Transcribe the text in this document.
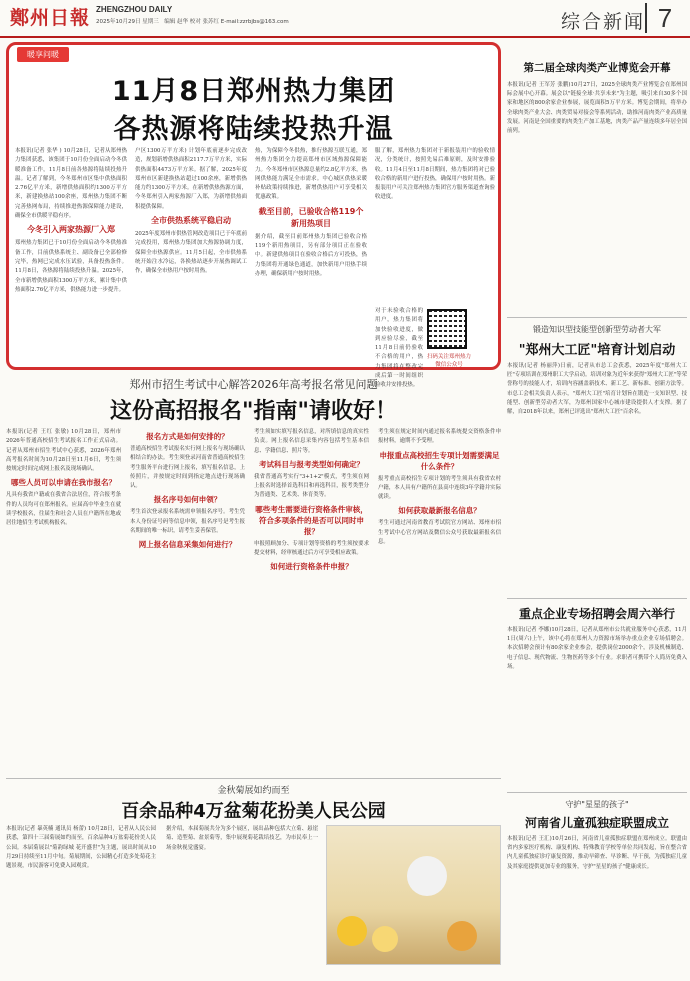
鄭州日報 ZHENGZHOU DAILY
2025年10月29日 星期三　编辑 赵华 校对 张苏红 E-mail:zzrbjbs@163.com	综合新闻 7
暖享问暖
11月8日郑州热力集团
各热源将陆续投热升温

本报讯(记者 张华 ) 10月28日，记者从郑州热力集团获悉，该集团于10月份全面启动今冬供暖准备工作，11月8日前各热源将陆续投热升温。记者了解到，今冬郑州市区集中供热面积2.76亿平方米，新增供热面积约1300万平方米，新建换热站100余座，郑州热力集团不断完善热网布局，持续推进热源保障能力建设，确保全市供暖平稳有序。

今冬引入两家热源厂入郑

郑州热力集团已于10月份全面启动今冬供热准备工作，目前供热系统主、副设备已全部检修完毕，热网已完成水压试验，具备投热条件。11月8日，各热源将陆续投热升温。2025年，全市新增供热面积1300万平方米，累计集中供热面积2.76亿平方米，供热能力进一步提升。

户区1300万平方米) 计划年底前逐步完成改造，规划新增供热面积2117.7万平方米，实际供热面积4473万平方米。据了解，2025年度郑州市区新建换热站超过100余座，新增供热能力约1300万平方米。在新增供热热源方面，今冬郑州引入两家热源厂入郑，为新增供热面积提供保障。

全市供热系统平稳启动

2025年度郑州市供热管网改造项目已于年底前完成投用，郑州热力集团加大热源协调力度，保障全市热源供应。11月5日起，全市供热系统开始注水冷运，各换热站逐步开展热调试工作，确保全市热用户按时用热。

热，为保障今冬供热，推行热源互联互通，郑州热力集团全力提高郑州市区域热源保障能力。今冬郑州市区热源总量约2.8亿平方米，热网供热能力满足全市需求。中心城区供热采暖补贴政策持续推进，新增供热用户可享受相关优惠政策。

截至目前，已验收合格119个新用热项目

据介绍，截至目前郑州热力集团已验收合格119个新用热项目，另有部分项目正在验收中。新建供热项目在验收合格后方可投热，热力集团将开通绿色通道，加快新用户用热手续办理，确保新用户按时用热。

服了解，郑州热力集团对于新报装用户的验收情况，分类统计，按照先易后难原则，及时安排验收。11月4日至11月8日期间，热力集团将对已验收合格的新用户进行投热，确保用户按时用热。新报装用户可关注郑州热力集团官方服务渠道查询验收进度。

对于未验收合格的用户，热力集团将加快验收进度，做到应验尽验，截至11月8日前仍验收不合格的用户，热力集团将在整改完成后第一时间组织验收并安排投热。

扫码关注郑州热力微信公众号
第二届全球肉类产业博览会开幕
本报讯(记者 王军芳 张鹏)10月27日，2025全球肉类产业博览会在郑州国际会展中心开幕。展会以"链接全球·共享未来"为主题，吸引来自30多个国家和地区的800余家企业参展，展览面积5万平方米。博览会期间，将举办全球肉类产业大会、肉类贸易对接会等系列活动，助推河南肉类产业高质量发展。河南是全国重要的肉类生产加工基地，肉类产品产量连续多年居全国前列。
锻造知识型技能型创新型劳动者大军
"郑州大工匠"培育计划启动
本报讯(记者 杨丽萍)日前，记者从市总工会获悉，2025年度"郑州大工匠"专项培训在郑州职工大学启动。培训对象为近年来获得"郑州大工匠"等荣誉称号的技能人才，培训内容涵盖新技术、新工艺、新标准、创新方法等。市总工会相关负责人表示，"郑州大工匠"培育计划旨在锻造一支知识型、技能型、创新型劳动者大军，为郑州国家中心城市建设提供人才支撑。据了解，自2018年以来，郑州已评选出"郑州大工匠"百余名。
重点企业专场招聘会周六举行
本报讯(记者 李娜)10月28日，记者从郑州市公共就业服务中心获悉，11月1日(周六)上午，该中心将在郑州人力资源市场举办重点企业专场招聘会。本次招聘会预计有80余家企业参会，提供岗位2000余个，涉及机械制造、电子信息、现代物流、生物医药等多个行业。求职者可携带个人简历免费入场。
守护"星星的孩子"
河南省儿童孤独症联盟成立
本报讯(记者 王汇)10月26日，河南省儿童孤独症联盟在郑州成立。联盟由省内多家医疗机构、康复机构、特殊教育学校等单位共同发起，旨在整合省内儿童孤独症诊疗康复资源，推动早筛查、早诊断、早干预，为孤独症儿童及其家庭提供更加专业的服务，守护"星星的孩子"健康成长。
郑州市招生考试中心解答2026年高考报名常见问题
这份高招报名"指南"请收好！

本报讯(记者 王红 张敏) 10月28日，郑州市2026年普通高校招生考试报名工作正式启动。记者从郑州市招生考试中心获悉，2026年郑州高考报名时间为10月28日至11月6日，考生须按规定时间完成网上报名及现场确认。

哪些人员可以申请在我市报名？

凡具有我省户籍或在我省合法居住，符合报考条件的人员均可在郑州报名。应届高中毕业生在就读学校报名，往届生和社会人员在户籍所在地或居住地招生考试机构报名。

报名方式是如何安排的？

普通高校招生考试报名实行网上报名与现场确认相结合的办法。考生须登录河南省普通高校招生考生服务平台进行网上报名，填写报名信息，上传照片，并按规定时间到指定地点进行现场确认。

报名序号如何申领？

考生首次登录报名系统需申领报名序号。考生凭本人身份证号码等信息申领，报名序号是考生报名期间的唯一标识，请考生妥善保管。

网上报名信息采集如何进行？

考生须如实填写报名信息，对所填信息的真实性负责。网上报名信息采集内容包括考生基本信息、学籍信息、照片等。

考试科目与报考类型如何确定？

我省普通高考实行"3+1+2"模式，考生须在网上报名时选择首选科目和再选科目，报考类型分为普通类、艺术类、体育类等。

哪些考生需要进行资格条件审核，符合多项条件的是否可以同时申报？

申报照顾加分、专项计划等资格的考生须按要求提交材料，经审核通过后方可享受相应政策。

如何进行资格条件申报？

考生须在规定时间内通过报名系统提交资格条件申报材料，逾期不予受理。

申报重点高校招生专项计划需要满足什么条件？

报考重点高校招生专项计划的考生须具有我省农村户籍，本人具有户籍所在县高中连续3年学籍并实际就读。

如何获取最新报名信息？

考生可通过河南省教育考试院官方网站、郑州市招生考试中心官方网站及微信公众号获取最新报名信息。

金秋菊展如约而至
百余品种4万盆菊花扮美人民公园

本报讯(记者 暴英楠 通讯员 杨蕾) 10月28日，记者从人民公园获悉，第四十三届菊展如约而至，百余品种4万盆菊花扮美人民公园。本届菊展以"菊韵绿城 花开盛世"为主题，展出时间从10月29日持续至11月中旬。菊展期间，公园精心打造多处菊花主题景观，市民游客可免费入园观赏。

据介绍，本届菊展共分为多个展区，展出品种包括大立菊、悬崖菊、造型菊、盆景菊等，集中展现菊花栽培技艺，为市民奉上一场金秋视觉盛宴。
